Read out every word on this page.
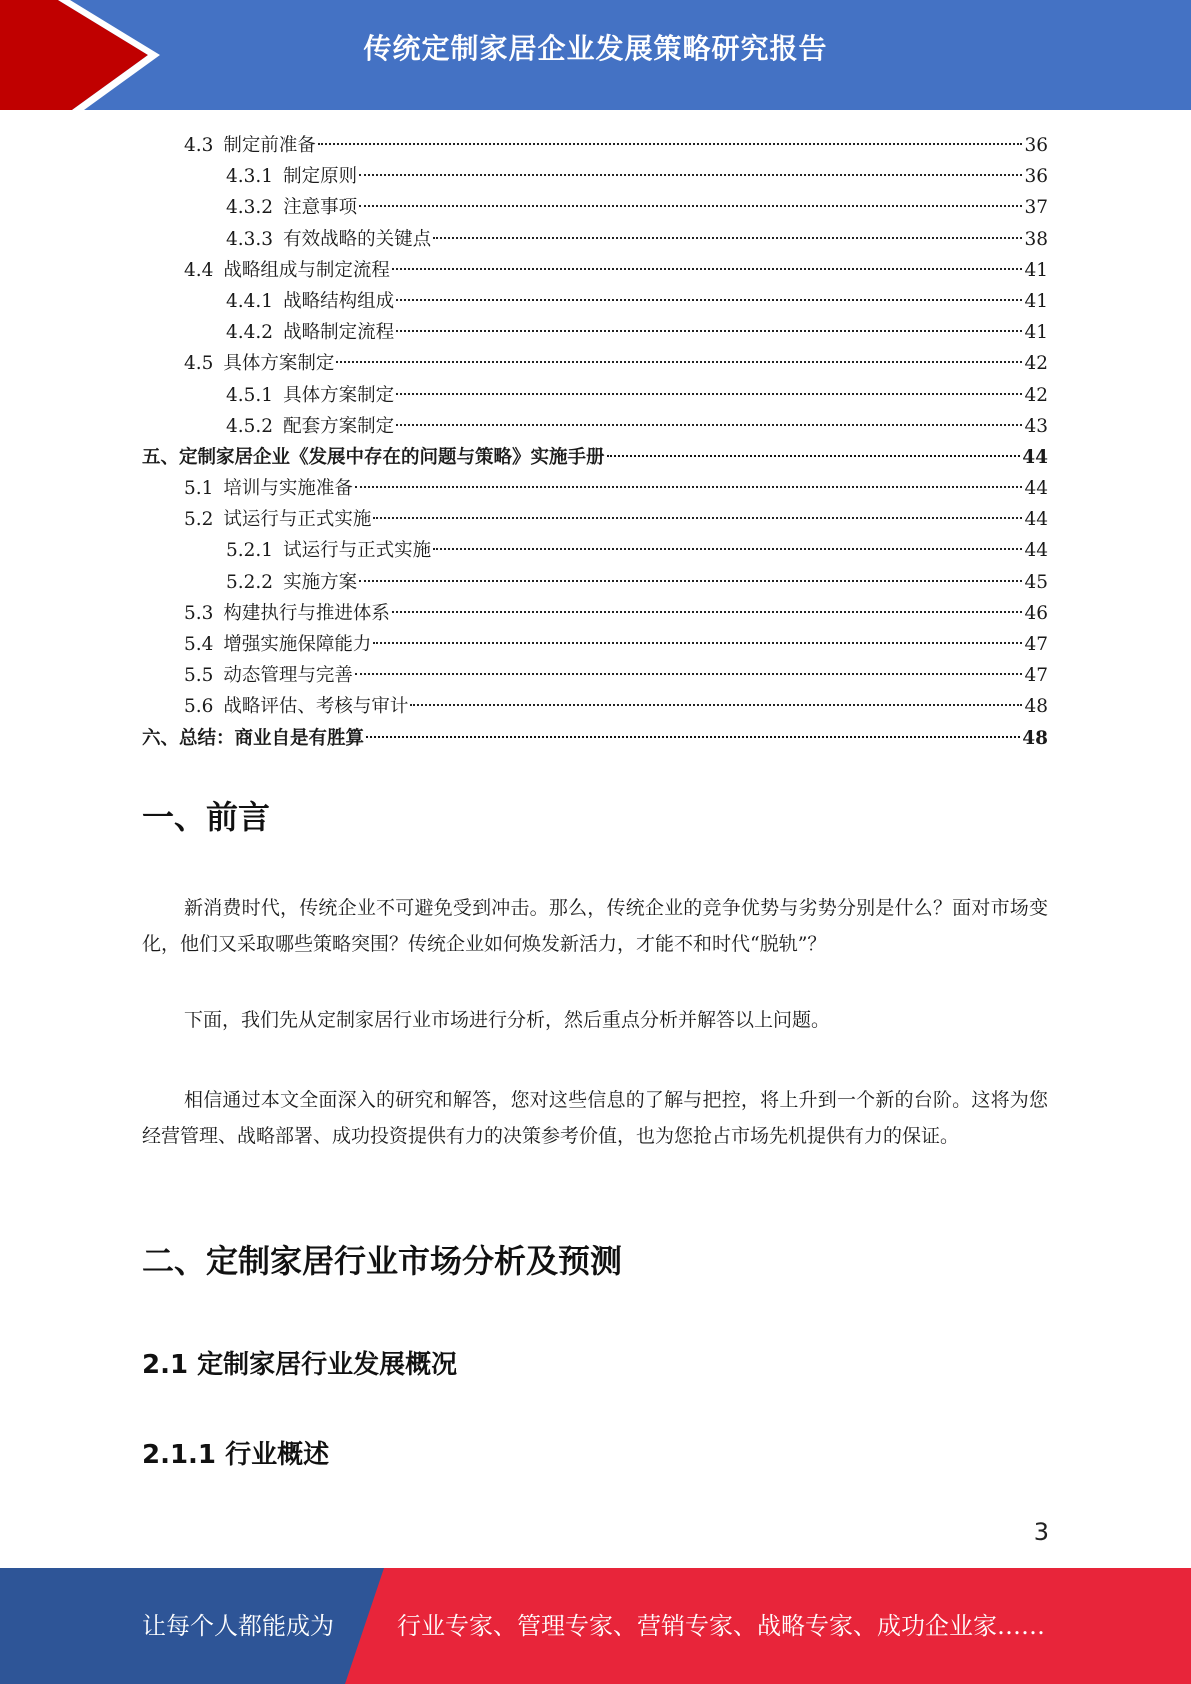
传统定制家居企业发展策略研究报告
4.3 制定前准备	36
4.3.1 制定原则	36
4.3.2 注意事项	37
4.3.3 有效战略的关键点	38
4.4 战略组成与制定流程	41
4.4.1 战略结构组成	41
4.4.2 战略制定流程	41
4.5 具体方案制定	42
4.5.1 具体方案制定	42
4.5.2 配套方案制定	43
五、定制家居企业《发展中存在的问题与策略》实施手册	44
5.1 培训与实施准备	44
5.2 试运行与正式实施	44
5.2.1 试运行与正式实施	44
5.2.2 实施方案	45
5.3 构建执行与推进体系	46
5.4 增强实施保障能力	47
5.5 动态管理与完善	47
5.6 战略评估、考核与审计	48
六、总结：商业自是有胜算	48
一、前言
新消费时代，传统企业不可避免受到冲击。那么，传统企业的竞争优势与劣势分别是什么？面对市场变化，他们又采取哪些策略突围？传统企业如何焕发新活力，才能不和时代“脱轨”？
下面，我们先从定制家居行业市场进行分析，然后重点分析并解答以上问题。
相信通过本文全面深入的研究和解答，您对这些信息的了解与把控，将上升到一个新的台阶。这将为您经营管理、战略部署、成功投资提供有力的决策参考价值，也为您抢占市场先机提供有力的保证。
二、定制家居行业市场分析及预测
2.1 定制家居行业发展概况
2.1.1 行业概述
3
让每个人都能成为	行业专家、管理专家、营销专家、战略专家、成功企业家……
